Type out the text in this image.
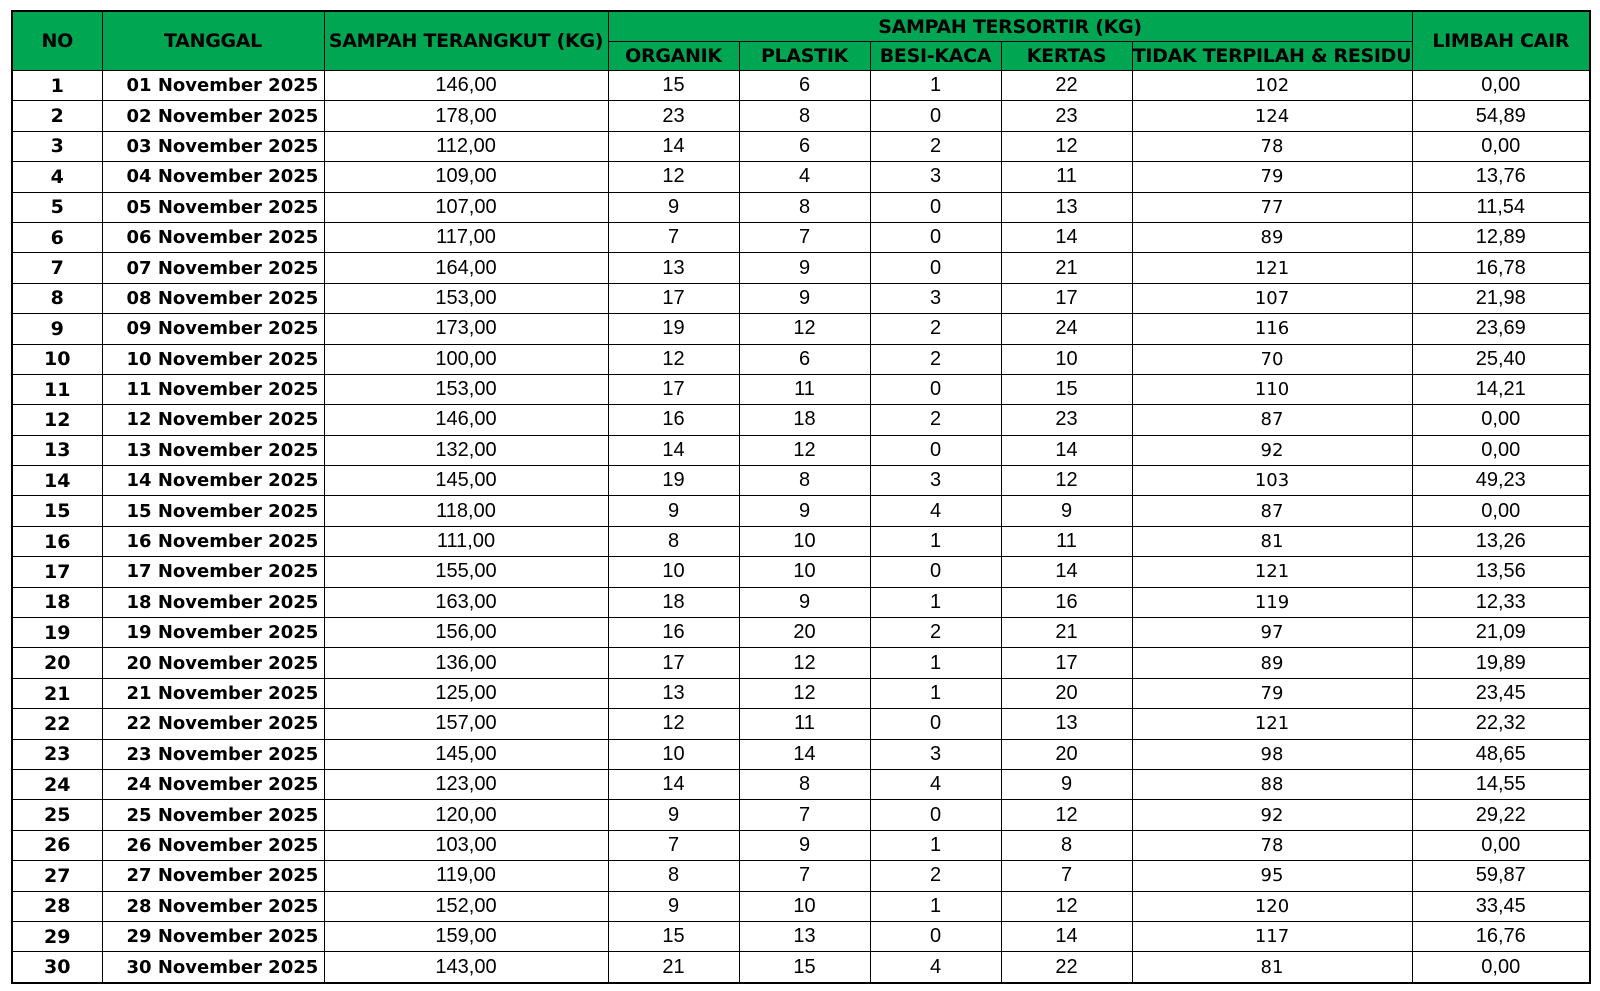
NO	TANGGAL	SAMPAH TERANGKUT (KG)	SAMPAH TERSORTIR (KG)					LIMBAH CAIR
			ORGANIK	PLASTIK	BESI-KACA	KERTAS	TIDAK TERPILAH & RESIDU	
1	01 November 2025	146,00	15	6	1	22	102	0,00
2	02 November 2025	178,00	23	8	0	23	124	54,89
3	03 November 2025	112,00	14	6	2	12	78	0,00
4	04 November 2025	109,00	12	4	3	11	79	13,76
5	05 November 2025	107,00	9	8	0	13	77	11,54
6	06 November 2025	117,00	7	7	0	14	89	12,89
7	07 November 2025	164,00	13	9	0	21	121	16,78
8	08 November 2025	153,00	17	9	3	17	107	21,98
9	09 November 2025	173,00	19	12	2	24	116	23,69
10	10 November 2025	100,00	12	6	2	10	70	25,40
11	11 November 2025	153,00	17	11	0	15	110	14,21
12	12 November 2025	146,00	16	18	2	23	87	0,00
13	13 November 2025	132,00	14	12	0	14	92	0,00
14	14 November 2025	145,00	19	8	3	12	103	49,23
15	15 November 2025	118,00	9	9	4	9	87	0,00
16	16 November 2025	111,00	8	10	1	11	81	13,26
17	17 November 2025	155,00	10	10	0	14	121	13,56
18	18 November 2025	163,00	18	9	1	16	119	12,33
19	19 November 2025	156,00	16	20	2	21	97	21,09
20	20 November 2025	136,00	17	12	1	17	89	19,89
21	21 November 2025	125,00	13	12	1	20	79	23,45
22	22 November 2025	157,00	12	11	0	13	121	22,32
23	23 November 2025	145,00	10	14	3	20	98	48,65
24	24 November 2025	123,00	14	8	4	9	88	14,55
25	25 November 2025	120,00	9	7	0	12	92	29,22
26	26 November 2025	103,00	7	9	1	8	78	0,00
27	27 November 2025	119,00	8	7	2	7	95	59,87
28	28 November 2025	152,00	9	10	1	12	120	33,45
29	29 November 2025	159,00	15	13	0	14	117	16,76
30	30 November 2025	143,00	21	15	4	22	81	0,00
